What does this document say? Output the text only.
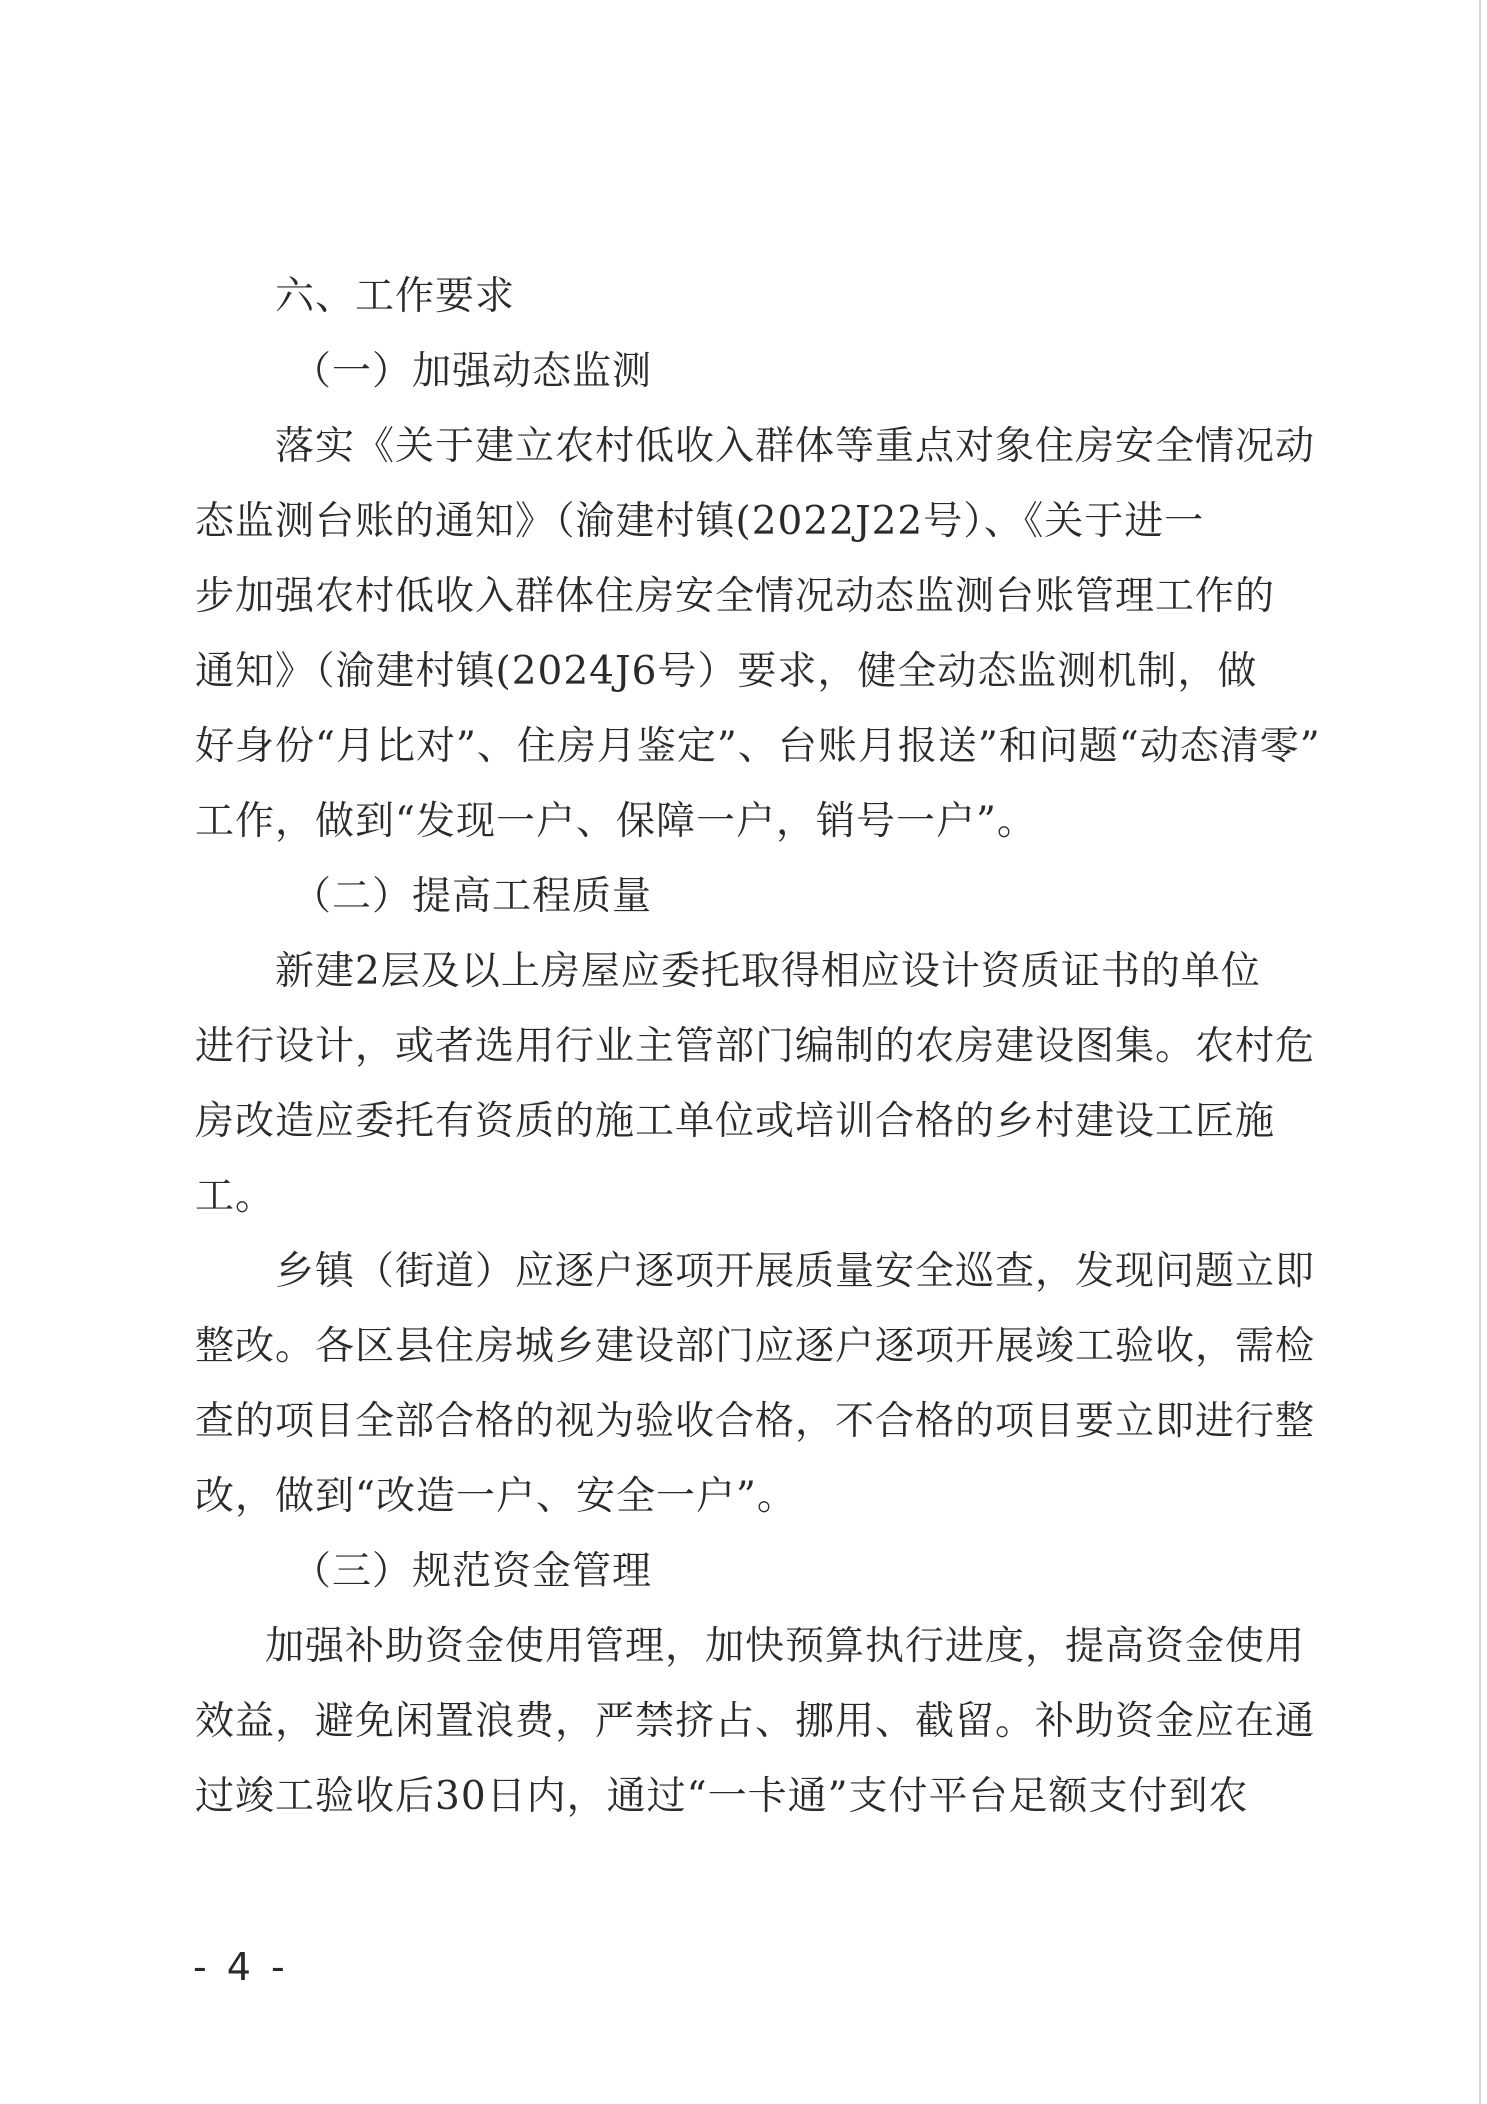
六、工作要求
（一）加强动态监测
落实《关于建立农村低收入群体等重点对象住房安全情况动
态监测台账的通知》（渝建村镇(2022J22号）、《关于进一
步加强农村低收入群体住房安全情况动态监测台账管理工作的
通知》（渝建村镇(2024J6号）要求，健全动态监测机制，做
好身份“月比对”、住房月鉴定”、台账月报送”和问题“动态清零”
工作，做到“发现一户、保障一户，销号一户”。
（二）提高工程质量
新建2层及以上房屋应委托取得相应设计资质证书的单位
进行设计，或者选用行业主管部门编制的农房建设图集。农村危
房改造应委托有资质的施工单位或培训合格的乡村建设工匠施
工。
乡镇（街道）应逐户逐项开展质量安全巡查，发现问题立即
整改。各区县住房城乡建设部门应逐户逐项开展竣工验收，需检
查的项目全部合格的视为验收合格，不合格的项目要立即进行整
改，做到“改造一户、安全一户”。
（三）规范资金管理
加强补助资金使用管理，加快预算执行进度，提高资金使用
效益，避免闲置浪费，严禁挤占、挪用、截留。补助资金应在通
过竣工验收后30日内，通过“一卡通”支付平台足额支付到农
- 4 -
